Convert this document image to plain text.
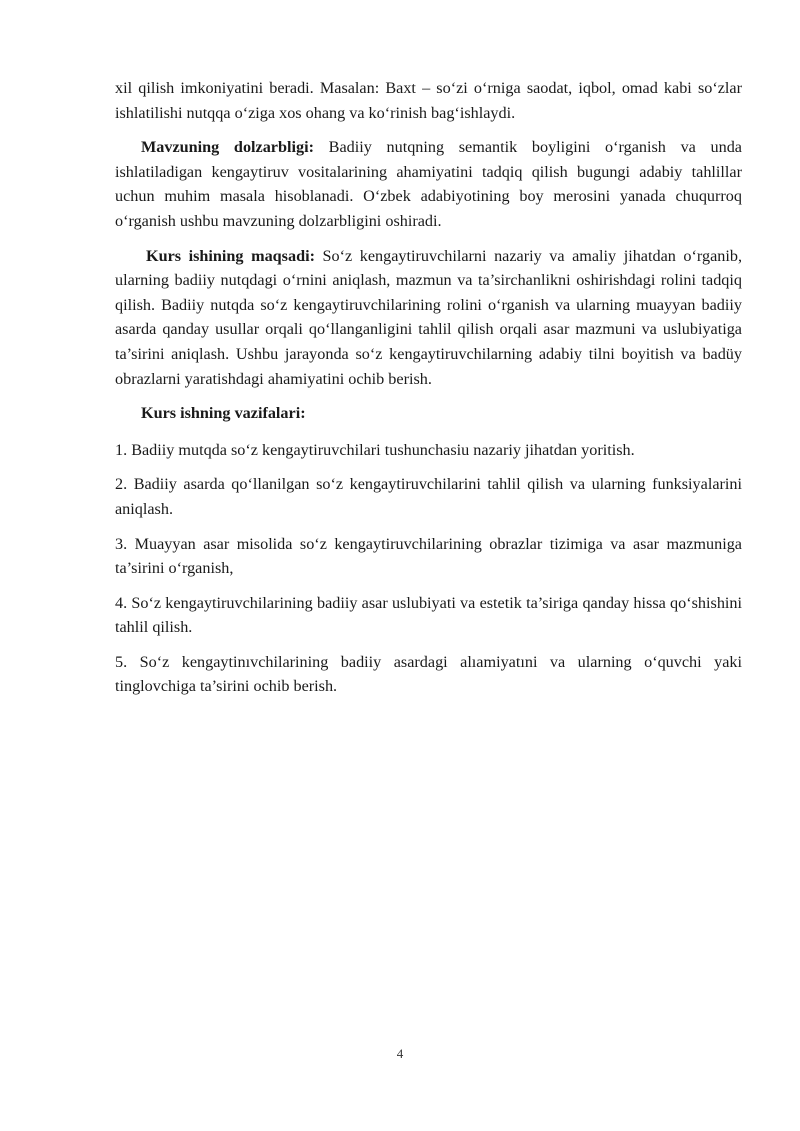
xil qilish imkoniyatini beradi. Masalan: Baxt – so‘zi o‘rniga saodat, iqbol, omad kabi so‘zlar ishlatilishi nutqqa o‘ziga xos ohang va ko‘rinish bag‘ishlaydi.

Mavzuning dolzarbligi: Badiiy nutqning semantik boyligini o‘rganish va unda ishlatiladigan kengaytiruv vositalarining ahamiyatini tadqiq qilish bugungi adabiy tahlillar uchun muhim masala hisoblanadi. O‘zbek adabiyotining boy merosini yanada chuqurroq o‘rganish ushbu mavzuning dolzarbligini oshiradi.

Kurs ishining maqsadi: So‘z kengaytiruvchilarni nazariy va amaliy jihatdan o‘rganib, ularning badiiy nutqdagi o‘rnini aniqlash, mazmun va ta’sirchanlikni oshirishdagi rolini tadqiq qilish. Badiiy nutqda so‘z kengaytiruvchilarining rolini o‘rganish va ularning muayyan badiiy asarda qanday usullar orqali qo‘llanganligini tahlil qilish orqali asar mazmuni va uslubiyatiga ta’sirini aniqlash. Ushbu jarayonda so‘z kengaytiruvchilarning adabiy tilni boyitish va badüy obrazlarni yaratishdagi ahamiyatini ochib berish.

Kurs ishning vazifalari:

1. Badiiy mutqda so‘z kengaytiruvchilari tushunchasiu nazariy jihatdan yoritish.

2. Badiiy asarda qo‘llanilgan so‘z kengaytiruvchilarini tahlil qilish va ularning funksiyalarini aniqlash.

3. Muayyan asar misolida so‘z kengaytiruvchilarining obrazlar tizimiga va asar mazmuniga ta’sirini o‘rganish,

4. So‘z kengaytiruvchilarining badiiy asar uslubiyati va estetik ta’siriga qanday hissa qo‘shishini tahlil qilish.

5. So‘z kengaytinıvchilarining badiiy asardagi alıamiyatıni va ularning o‘quvchi yaki tinglovchiga ta’sirini ochib berish.

4
